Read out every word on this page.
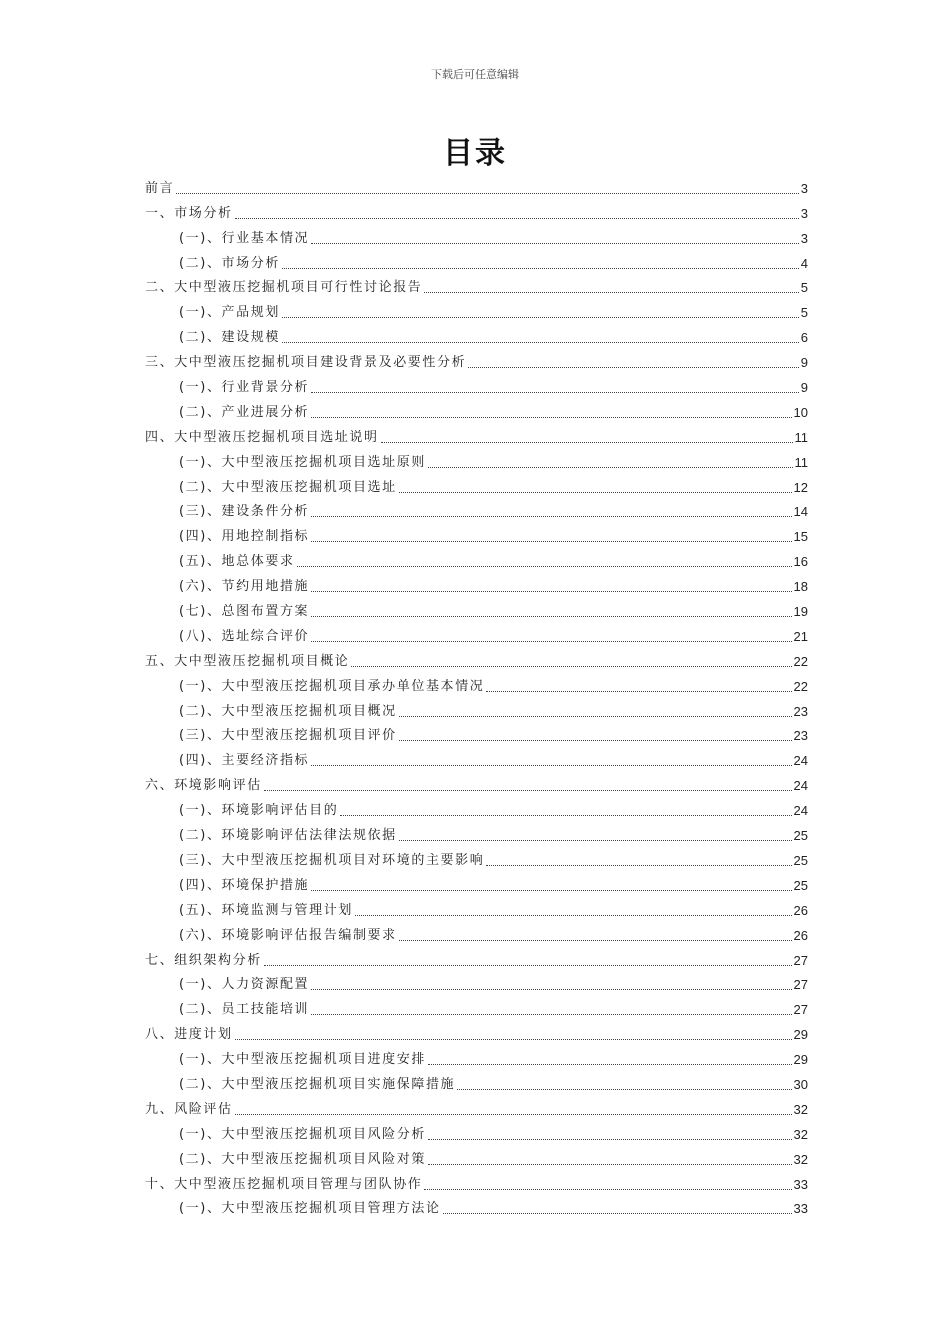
下载后可任意编辑
目录
前言	3
一、市场分析	3
(一)、行业基本情况	3
(二)、市场分析	4
二、大中型液压挖掘机项目可行性讨论报告	5
(一)、产品规划	5
(二)、建设规模	6
三、大中型液压挖掘机项目建设背景及必要性分析	9
(一)、行业背景分析	9
(二)、产业进展分析	10
四、大中型液压挖掘机项目选址说明	11
(一)、大中型液压挖掘机项目选址原则	11
(二)、大中型液压挖掘机项目选址	12
(三)、建设条件分析	14
(四)、用地控制指标	15
(五)、地总体要求	16
(六)、节约用地措施	18
(七)、总图布置方案	19
(八)、选址综合评价	21
五、大中型液压挖掘机项目概论	22
(一)、大中型液压挖掘机项目承办单位基本情况	22
(二)、大中型液压挖掘机项目概况	23
(三)、大中型液压挖掘机项目评价	23
(四)、主要经济指标	24
六、环境影响评估	24
(一)、环境影响评估目的	24
(二)、环境影响评估法律法规依据	25
(三)、大中型液压挖掘机项目对环境的主要影响	25
(四)、环境保护措施	25
(五)、环境监测与管理计划	26
(六)、环境影响评估报告编制要求	26
七、组织架构分析	27
(一)、人力资源配置	27
(二)、员工技能培训	27
八、进度计划	29
(一)、大中型液压挖掘机项目进度安排	29
(二)、大中型液压挖掘机项目实施保障措施	30
九、风险评估	32
(一)、大中型液压挖掘机项目风险分析	32
(二)、大中型液压挖掘机项目风险对策	32
十、大中型液压挖掘机项目管理与团队协作	33
(一)、大中型液压挖掘机项目管理方法论	33
